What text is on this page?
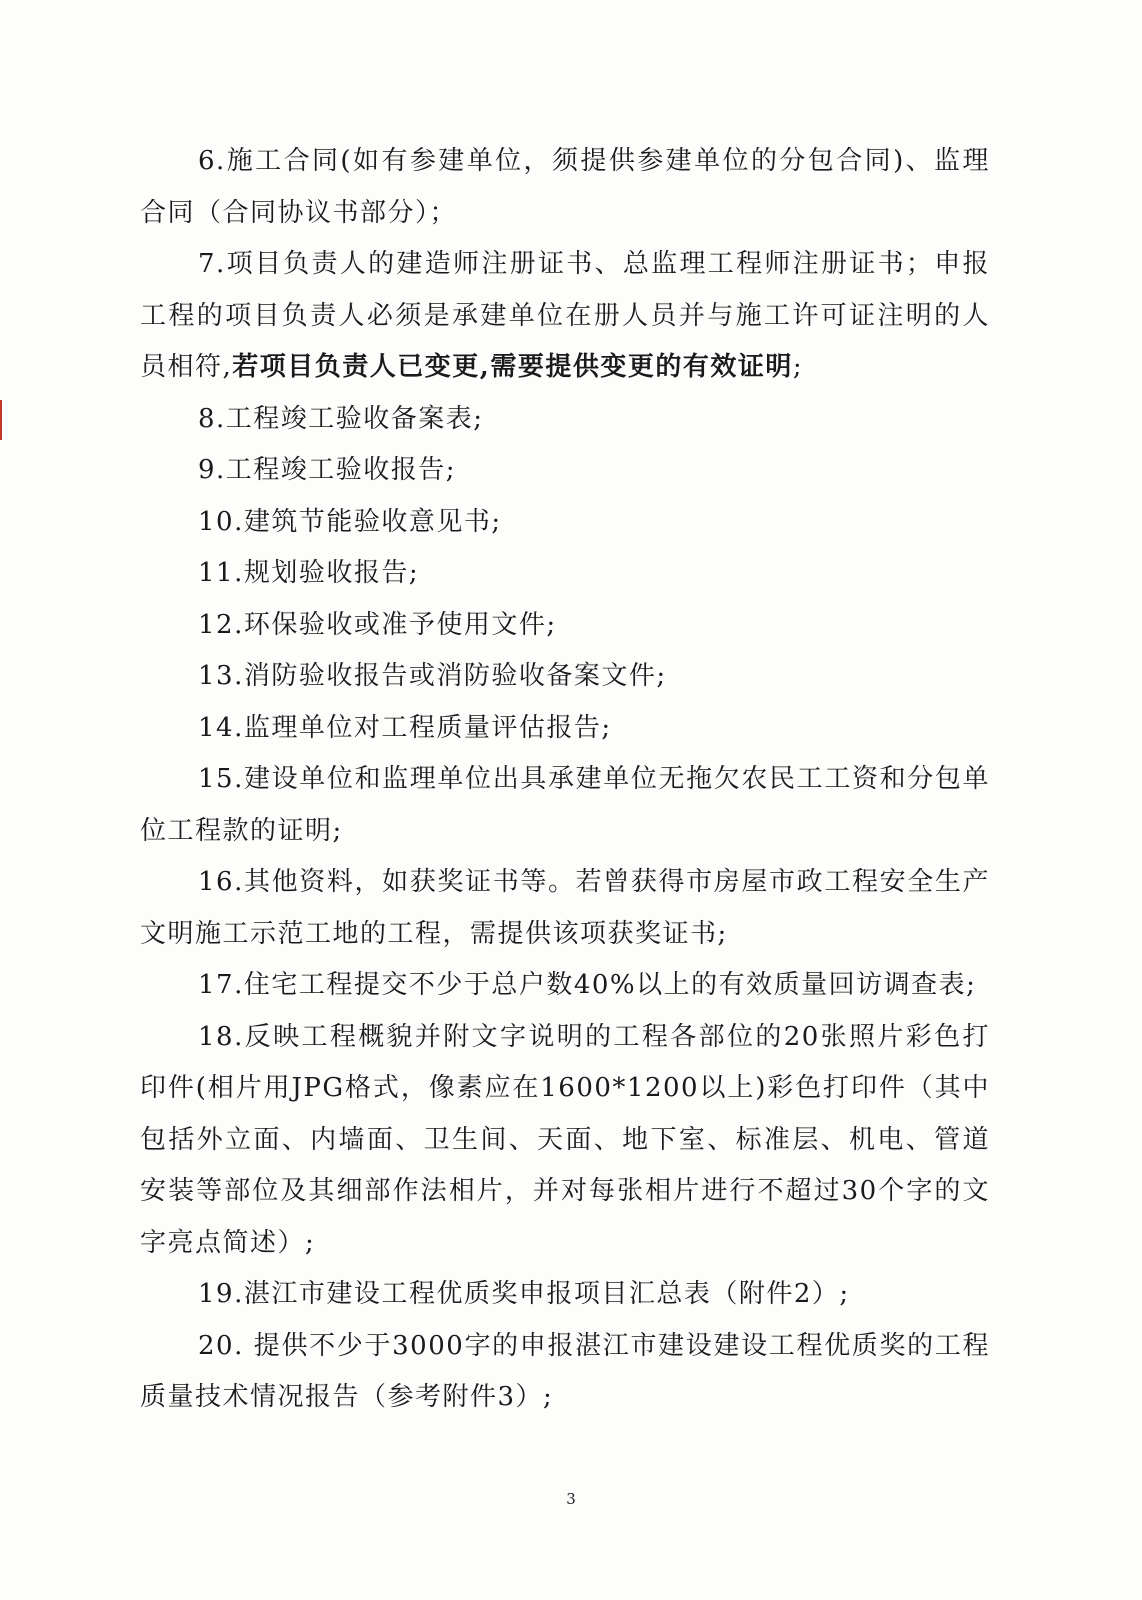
6.施工合同(如有参建单位，须提供参建单位的分包合同)、监理合同（合同协议书部分）；

7.项目负责人的建造师注册证书、总监理工程师注册证书；申报工程的项目负责人必须是承建单位在册人员并与施工许可证注明的人员相符,若项目负责人已变更,需要提供变更的有效证明;

8.工程竣工验收备案表;

9.工程竣工验收报告;

10.建筑节能验收意见书;

11.规划验收报告;

12.环保验收或准予使用文件;

13.消防验收报告或消防验收备案文件;

14.监理单位对工程质量评估报告;

15.建设单位和监理单位出具承建单位无拖欠农民工工资和分包单位工程款的证明;

16.其他资料，如获奖证书等。若曾获得市房屋市政工程安全生产文明施工示范工地的工程，需提供该项获奖证书;

17.住宅工程提交不少于总户数40%以上的有效质量回访调查表;

18.反映工程概貌并附文字说明的工程各部位的20张照片彩色打印件(相片用JPG格式，像素应在1600*1200以上)彩色打印件（其中包括外立面、内墙面、卫生间、天面、地下室、标准层、机电、管道安装等部位及其细部作法相片，并对每张相片进行不超过30个字的文字亮点简述）;

19.湛江市建设工程优质奖申报项目汇总表（附件2）;

20. 提供不少于3000字的申报湛江市建设建设工程优质奖的工程质量技术情况报告（参考附件3）;

3
